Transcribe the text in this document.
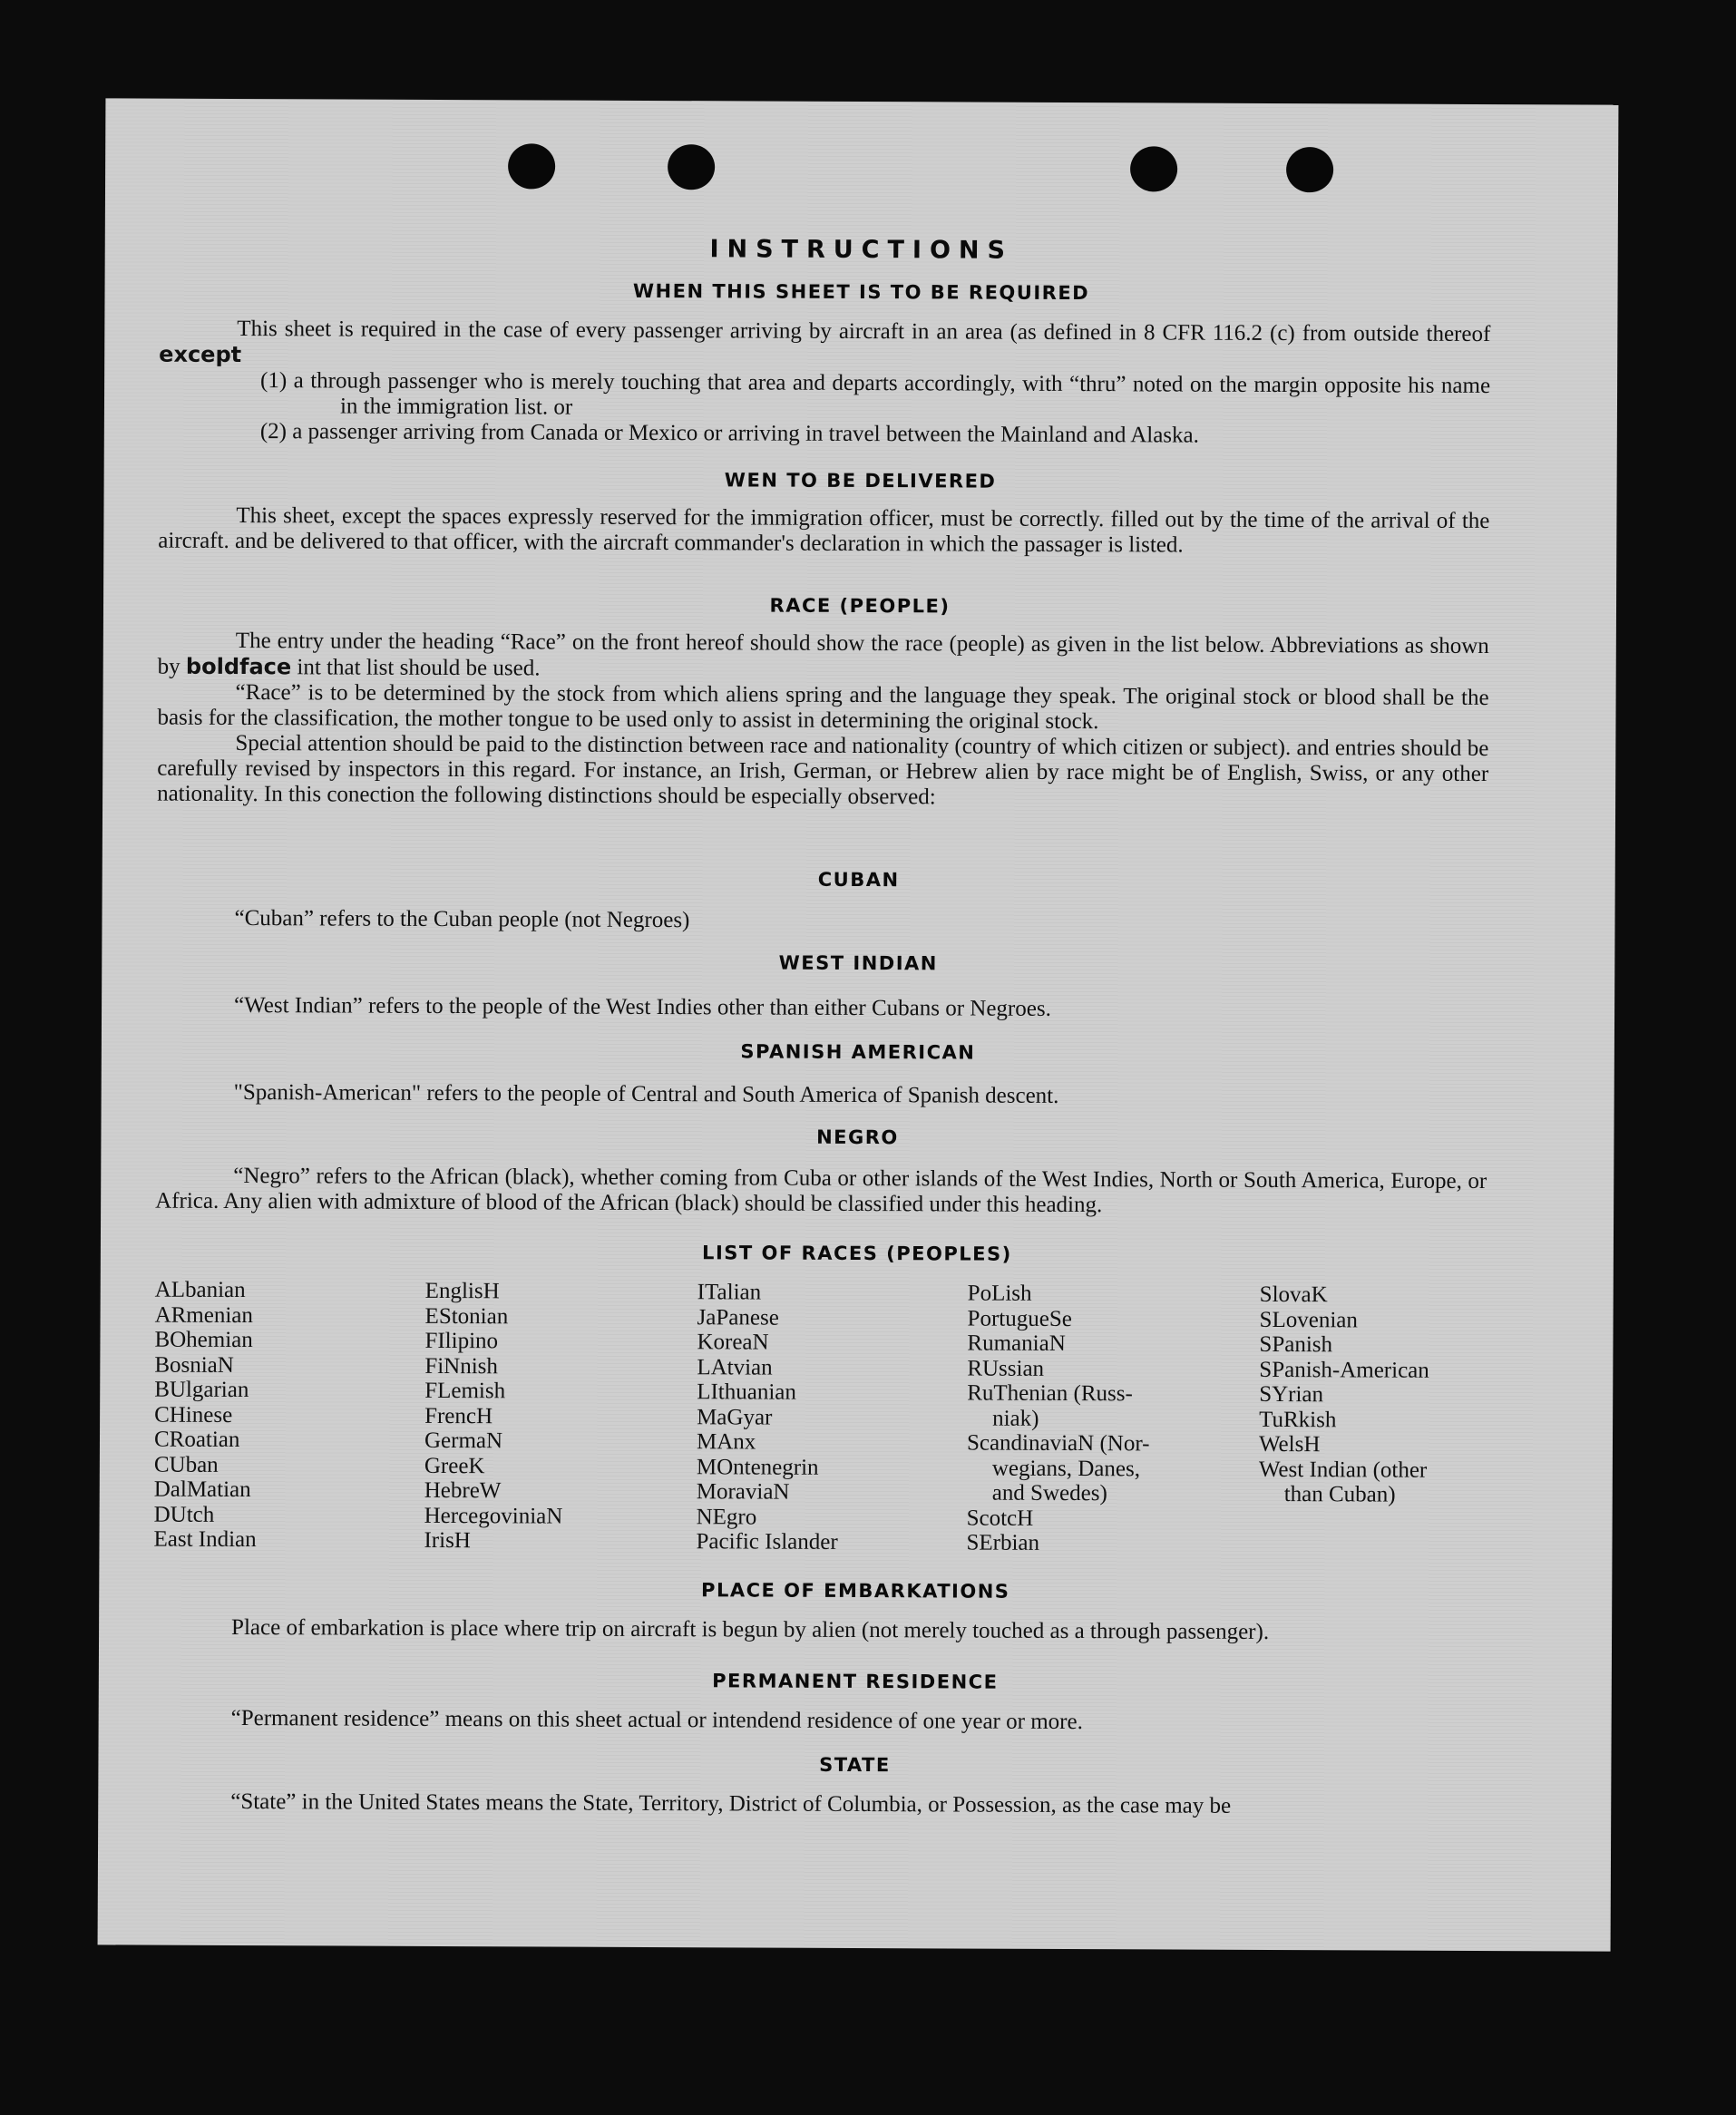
INSTRUCTIONS
WHEN THIS SHEET IS TO BE REQUIRED

This sheet is required in the case of every passenger arriving by aircraft in an area (as defined in 8 CFR 116.2 (c) from outside thereof except

(1) a through passenger who is merely touching that area and departs accordingly, with “thru” noted on the margin opposite his name in the immigration list. or

(2) a passenger arriving from Canada or Mexico or arriving in travel between the Mainland and Alaska.

WEN TO BE DELIVERED

This sheet, except the spaces expressly reserved for the immigration officer, must be correctly. filled out by the time of the arrival of the aircraft. and be delivered to that officer, with the aircraft commander's declaration in which the passager is listed.

RACE (PEOPLE)

The entry under the heading “Race” on the front hereof should show the race (people) as given in the list below. Abbreviations as shown by boldface int that list should be used.

“Race” is to be determined by the stock from which aliens spring and the language they speak. The original stock or blood shall be the basis for the classification, the mother tongue to be used only to assist in determining the original stock.

Special attention should be paid to the distinction between race and nationality (country of which citizen or subject). and entries should be carefully revised by inspectors in this regard. For instance, an Irish, German, or Hebrew alien by race might be of English, Swiss, or any other nationality. In this conection the following distinctions should be especially observed:

CUBAN

“Cuban” refers to the Cuban people (not Negroes)

WEST INDIAN

“West Indian” refers to the people of the West Indies other than either Cubans or Negroes.

SPANISH AMERICAN

"Spanish-American" refers to the people of Central and South America of Spanish descent.

NEGRO

“Negro” refers to the African (black), whether coming from Cuba or other islands of the West Indies, North or South America, Europe, or Africa. Any alien with admixture of blood of the African (black) should be classified under this heading.

LIST OF RACES (PEOPLES)
ALbanian
ARmenian
BOhemian
BosniaN
BUlgarian
CHinese
CRoatian
CUban
DalMatian
DUtch
East Indian
EnglisH
EStonian
FIlipino
FiNnish
FLemish
FrencH
GermaN
GreeK
HebreW
HercegoviniaN
IrisH
ITalian
JaPanese
KoreaN
LAtvian
LIthuanian
MaGyar
MAnx
MOntenegrin
MoraviaN
NEgro
Pacific Islander
PoLish
PortugueSe
RumaniaN
RUssian
RuThenian (Russ-
niak)
ScandinaviaN (Nor-
wegians, Danes,
and Swedes)
ScotcH
SErbian
SlovaK
SLovenian
SPanish
SPanish-American
SYrian
TuRkish
WelsH
West Indian (other
than Cuban)
PLACE OF EMBARKATIONS

Place of embarkation is place where trip on aircraft is begun by alien (not merely touched as a through passenger).

PERMANENT RESIDENCE

“Permanent residence” means on this sheet actual or intendend residence of one year or more.

STATE

“State” in the United States means the State, Territory, District of Columbia, or Possession, as the case may be
